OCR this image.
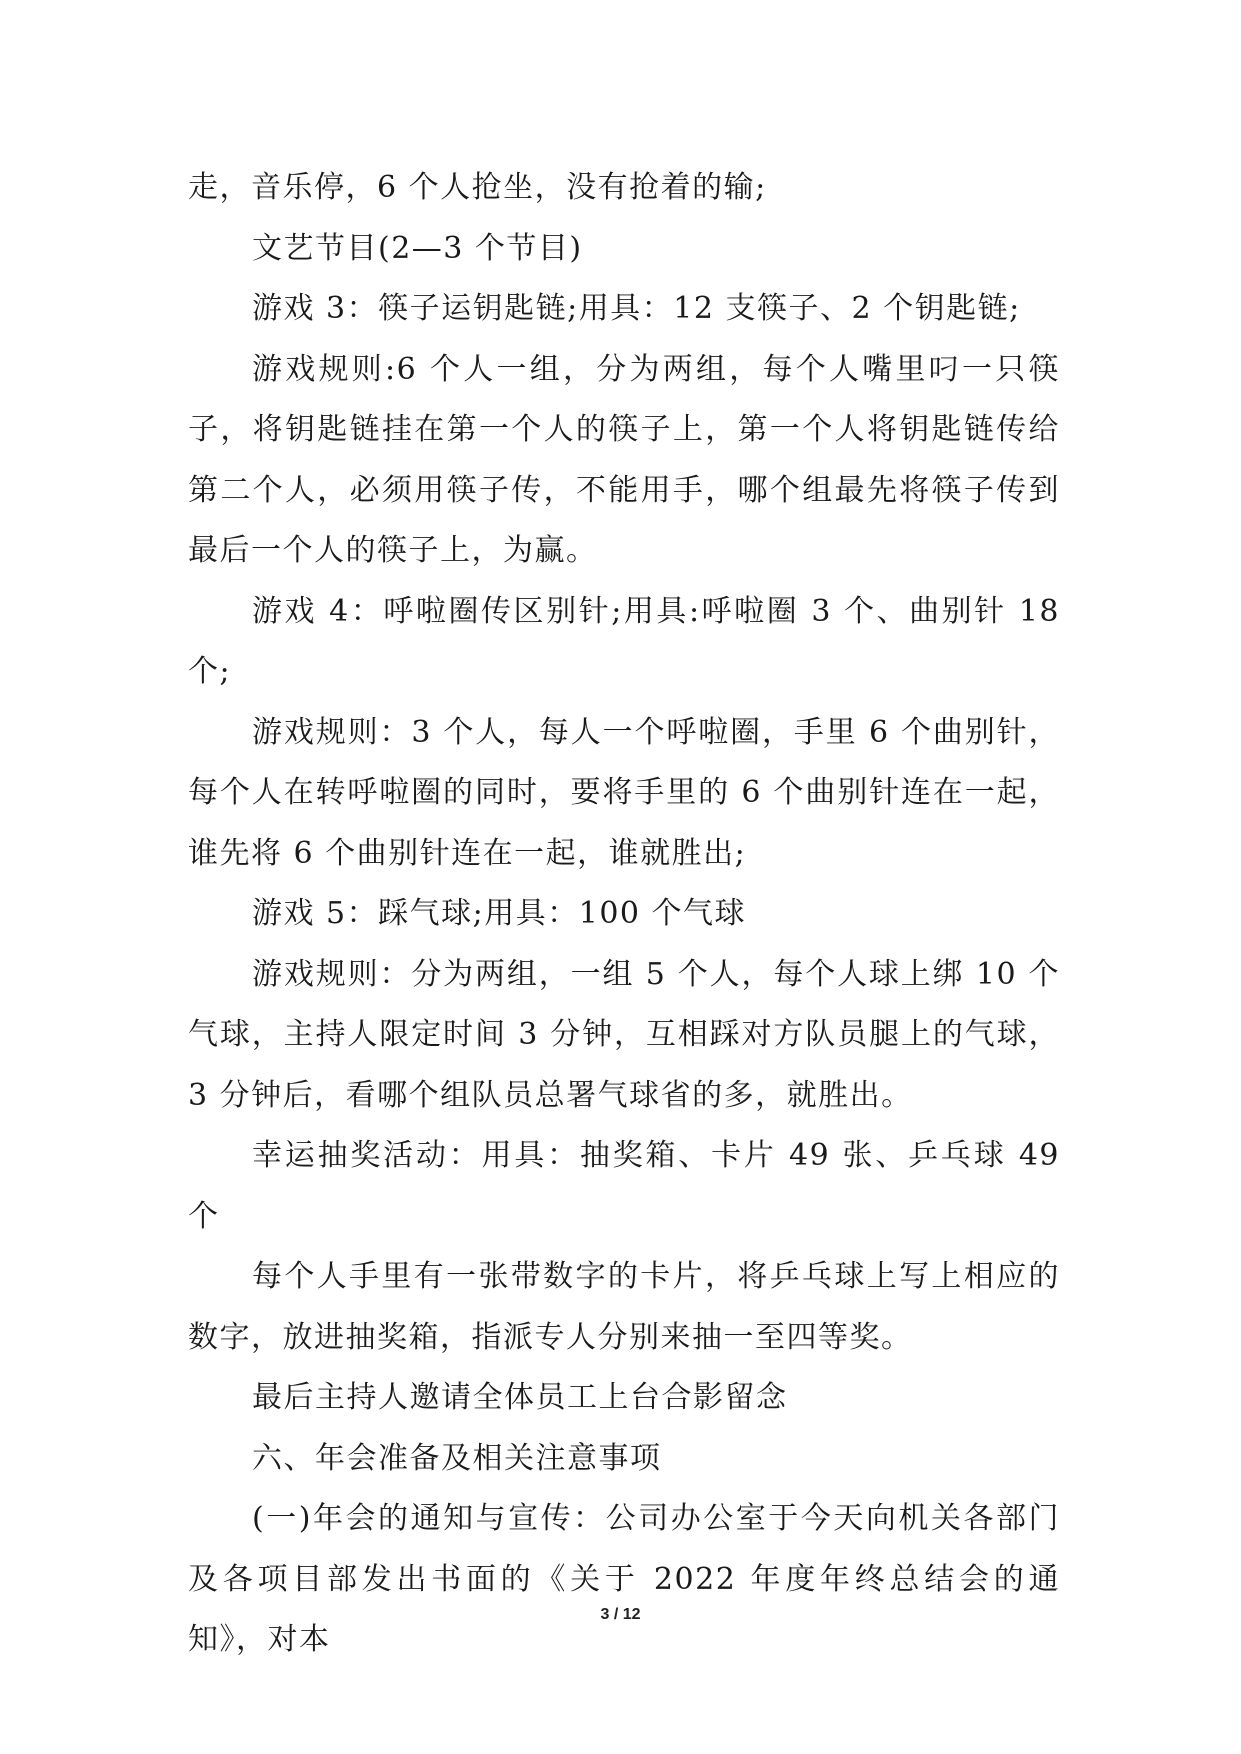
走，音乐停，6 个人抢坐，没有抢着的输;

文艺节目(2—3 个节目)

游戏 3：筷子运钥匙链;用具：12 支筷子、2 个钥匙链;

游戏规则:6 个人一组，分为两组，每个人嘴里叼一只筷子，将钥匙链挂在第一个人的筷子上，第一个人将钥匙链传给第二个人，必须用筷子传，不能用手，哪个组最先将筷子传到最后一个人的筷子上，为赢。

游戏 4：呼啦圈传区别针;用具:呼啦圈 3 个、曲别针 18 个;

游戏规则：3 个人，每人一个呼啦圈，手里 6 个曲别针，每个人在转呼啦圈的同时，要将手里的 6 个曲别针连在一起，谁先将 6 个曲别针连在一起，谁就胜出;

游戏 5：踩气球;用具：100 个气球

游戏规则：分为两组，一组 5 个人，每个人球上绑 10 个气球，主持人限定时间 3 分钟，互相踩对方队员腿上的气球，3 分钟后，看哪个组队员总署气球省的多，就胜出。

幸运抽奖活动：用具：抽奖箱、卡片 49 张、乒乓球 49 个

每个人手里有一张带数字的卡片，将乒乓球上写上相应的数字，放进抽奖箱，指派专人分别来抽一至四等奖。

最后主持人邀请全体员工上台合影留念

六、年会准备及相关注意事项

(一)年会的通知与宣传：公司办公室于今天向机关各部门及各项目部发出书面的《关于 2022 年度年终总结会的通知》，对本

3 / 12
